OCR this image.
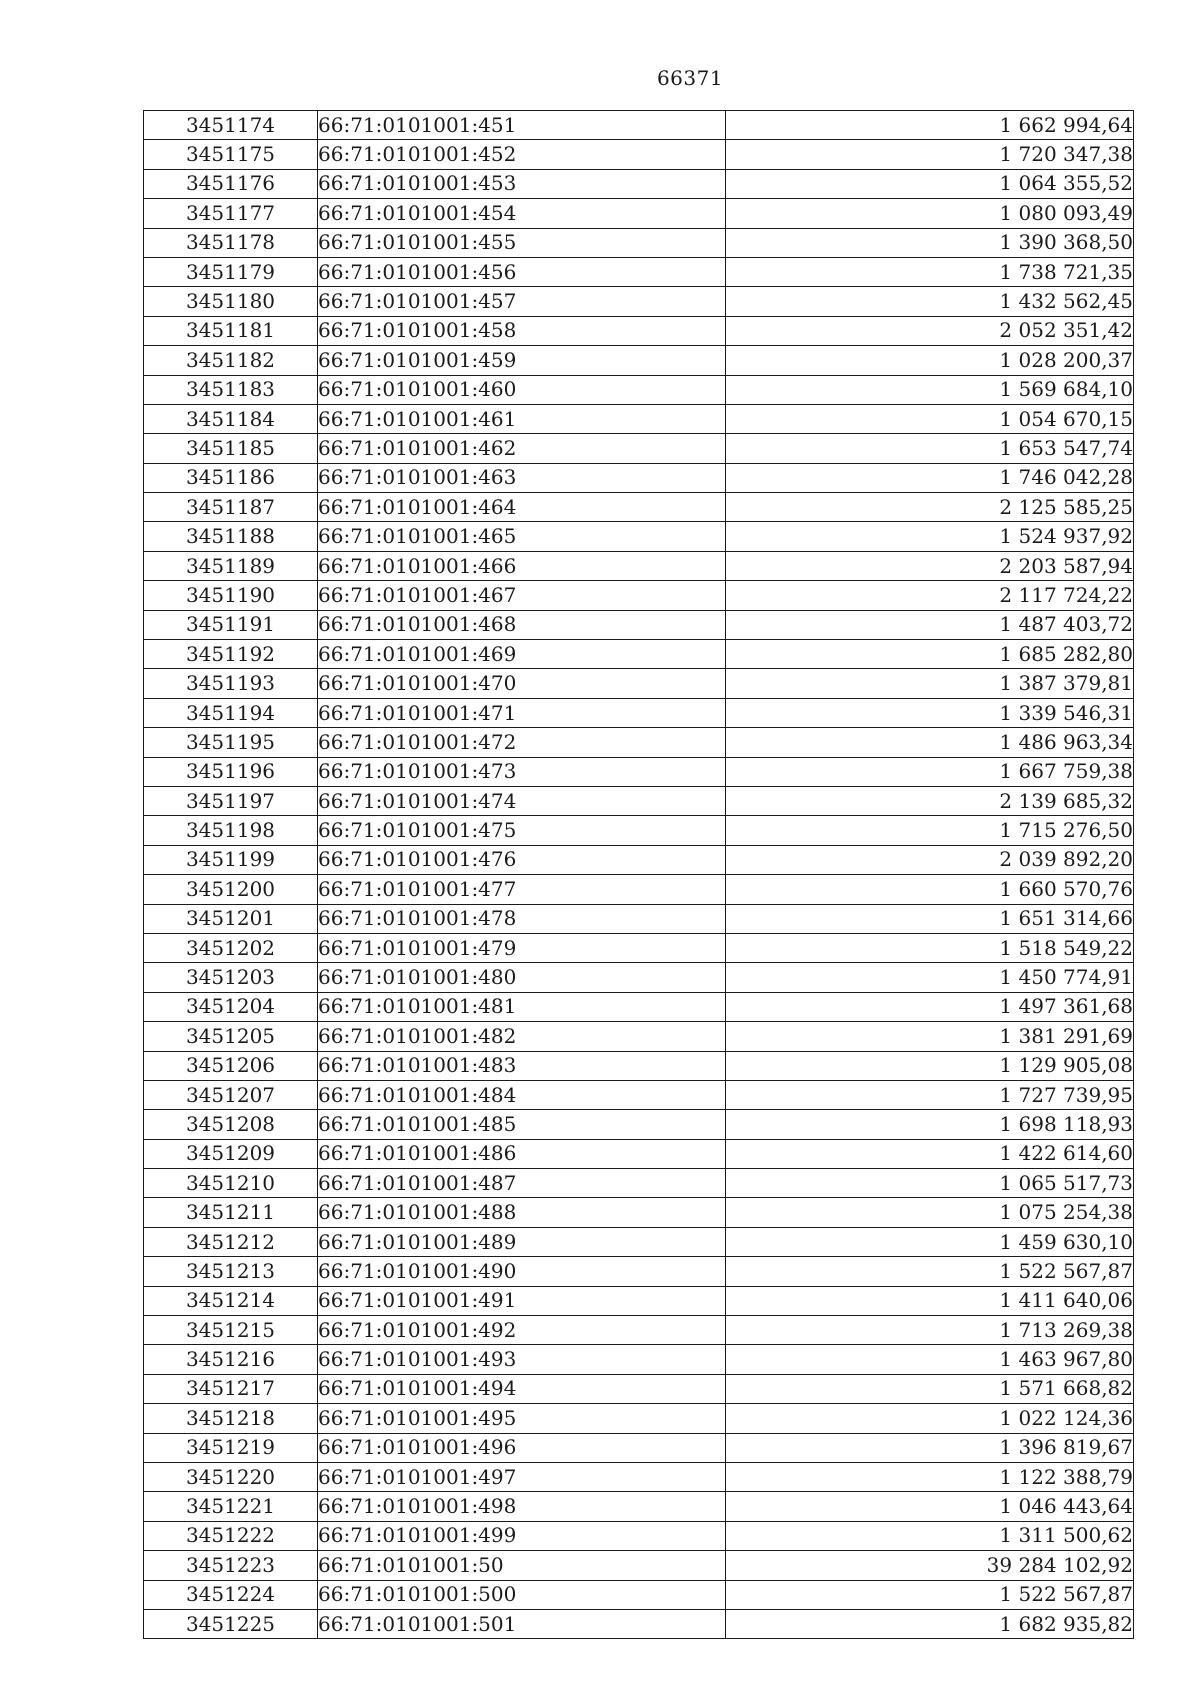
66371
3451174	66:71:0101001:451	1 662 994,64
3451175	66:71:0101001:452	1 720 347,38
3451176	66:71:0101001:453	1 064 355,52
3451177	66:71:0101001:454	1 080 093,49
3451178	66:71:0101001:455	1 390 368,50
3451179	66:71:0101001:456	1 738 721,35
3451180	66:71:0101001:457	1 432 562,45
3451181	66:71:0101001:458	2 052 351,42
3451182	66:71:0101001:459	1 028 200,37
3451183	66:71:0101001:460	1 569 684,10
3451184	66:71:0101001:461	1 054 670,15
3451185	66:71:0101001:462	1 653 547,74
3451186	66:71:0101001:463	1 746 042,28
3451187	66:71:0101001:464	2 125 585,25
3451188	66:71:0101001:465	1 524 937,92
3451189	66:71:0101001:466	2 203 587,94
3451190	66:71:0101001:467	2 117 724,22
3451191	66:71:0101001:468	1 487 403,72
3451192	66:71:0101001:469	1 685 282,80
3451193	66:71:0101001:470	1 387 379,81
3451194	66:71:0101001:471	1 339 546,31
3451195	66:71:0101001:472	1 486 963,34
3451196	66:71:0101001:473	1 667 759,38
3451197	66:71:0101001:474	2 139 685,32
3451198	66:71:0101001:475	1 715 276,50
3451199	66:71:0101001:476	2 039 892,20
3451200	66:71:0101001:477	1 660 570,76
3451201	66:71:0101001:478	1 651 314,66
3451202	66:71:0101001:479	1 518 549,22
3451203	66:71:0101001:480	1 450 774,91
3451204	66:71:0101001:481	1 497 361,68
3451205	66:71:0101001:482	1 381 291,69
3451206	66:71:0101001:483	1 129 905,08
3451207	66:71:0101001:484	1 727 739,95
3451208	66:71:0101001:485	1 698 118,93
3451209	66:71:0101001:486	1 422 614,60
3451210	66:71:0101001:487	1 065 517,73
3451211	66:71:0101001:488	1 075 254,38
3451212	66:71:0101001:489	1 459 630,10
3451213	66:71:0101001:490	1 522 567,87
3451214	66:71:0101001:491	1 411 640,06
3451215	66:71:0101001:492	1 713 269,38
3451216	66:71:0101001:493	1 463 967,80
3451217	66:71:0101001:494	1 571 668,82
3451218	66:71:0101001:495	1 022 124,36
3451219	66:71:0101001:496	1 396 819,67
3451220	66:71:0101001:497	1 122 388,79
3451221	66:71:0101001:498	1 046 443,64
3451222	66:71:0101001:499	1 311 500,62
3451223	66:71:0101001:50	39 284 102,92
3451224	66:71:0101001:500	1 522 567,87
3451225	66:71:0101001:501	1 682 935,82
